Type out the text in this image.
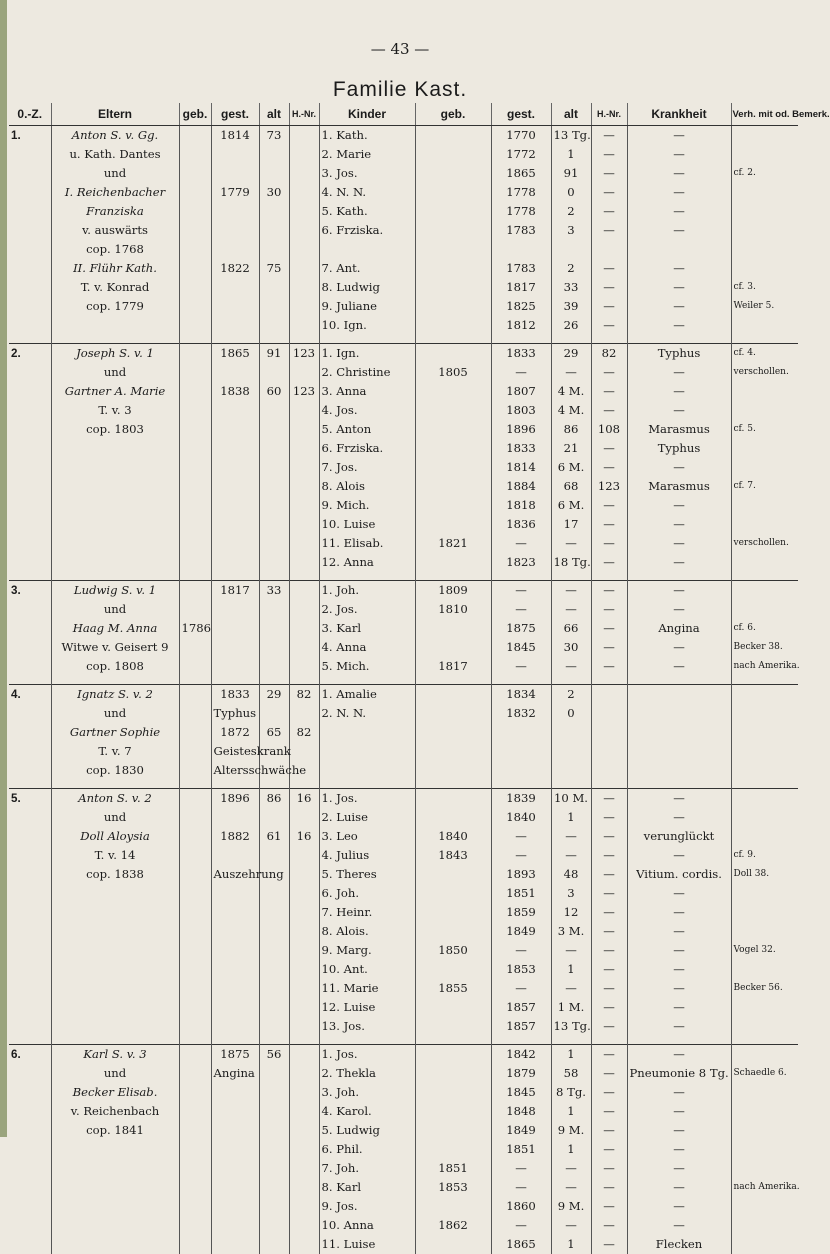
— 43 —
Familie Kast.
0.-Z.	Eltern	geb.	gest.	alt	H.-Nr.	Kinder	geb.	gest.	alt	H.-Nr.	Krankheit	Verh. mit od. Bemerk.
1.	Anton S. v. Gg.		1814	73		1. Kath.		1770	13 Tg.	—	—	
	u. Kath. Dantes					2. Marie		1772	1	—	—	
	und					3. Jos.		1865	91	—	—	cf. 2.
	I. Reichenbacher		1779	30		4. N. N.		1778	0	—	—	
	Franziska					5. Kath.		1778	2	—	—	
	v. auswärts					6. Frziska.		1783	3	—	—	
	cop. 1768											
	II. Flühr Kath.		1822	75		7. Ant.		1783	2	—	—	
	T. v. Konrad					8. Ludwig		1817	33	—	—	cf. 3.
	cop. 1779					9. Juliane		1825	39	—	—	Weiler 5.
						10. Ign.		1812	26	—	—	

2.	Joseph S. v. 1		1865	91	123	1. Ign.		1833	29	82	Typhus	cf. 4.
	und					2. Christine	1805	—	—	—	—	verschollen.
	Gartner A. Marie		1838	60	123	3. Anna		1807	4 M.	—	—	
	T. v. 3					4. Jos.		1803	4 M.	—	—	
	cop. 1803					5. Anton		1896	86	108	Marasmus	cf. 5.
						6. Frziska.		1833	21	—	Typhus	
						7. Jos.		1814	6 M.	—	—	
						8. Alois		1884	68	123	Marasmus	cf. 7.
						9. Mich.		1818	6 M.	—	—	
						10. Luise		1836	17	—	—	
						11. Elisab.	1821	—	—	—	—	verschollen.
						12. Anna		1823	18 Tg.	—	—	

3.	Ludwig S. v. 1		1817	33		1. Joh.	1809	—	—	—	—	
	und					2. Jos.	1810	—	—	—	—	
	Haag M. Anna	1786				3. Karl		1875	66	—	Angina	cf. 6.
	Witwe v. Geisert 9					4. Anna		1845	30	—	—	Becker 38.
	cop. 1808					5. Mich.	1817	—	—	—	—	nach Amerika.

4.	Ignatz S. v. 2		1833	29	82	1. Amalie		1834	2			
	und		Typhus			2. N. N.		1832	0			
	Gartner Sophie		1872	65	82							
	T. v. 7		Geisteskrank									
	cop. 1830		Altersschwäche									

5.	Anton S. v. 2		1896	86	16	1. Jos.		1839	10 M.	—	—	
	und					2. Luise		1840	1	—	—	
	Doll Aloysia		1882	61	16	3. Leo	1840	—	—	—	verunglückt	
	T. v. 14					4. Julius	1843	—	—	—	—	cf. 9.
	cop. 1838		Auszehrung			5. Theres		1893	48	—	Vitium. cordis.	Doll 38.
						6. Joh.		1851	3	—	—	
						7. Heinr.		1859	12	—	—	
						8. Alois.		1849	3 M.	—	—	
						9. Marg.	1850	—	—	—	—	Vogel 32.
						10. Ant.		1853	1	—	—	
						11. Marie	1855	—	—	—	—	Becker 56.
						12. Luise		1857	1 M.	—	—	
						13. Jos.		1857	13 Tg.	—	—	

6.	Karl S. v. 3		1875	56		1. Jos.		1842	1	—	—	
	und		Angina			2. Thekla		1879	58	—	Pneumonie 8 Tg.	Schaedle 6.
	Becker Elisab.					3. Joh.		1845	8 Tg.	—	—	
	v. Reichenbach					4. Karol.		1848	1	—	—	
	cop. 1841					5. Ludwig		1849	9 M.	—	—	
						6. Phil.		1851	1	—	—	
						7. Joh.	1851	—	—	—	—	
						8. Karl	1853	—	—	—	—	nach Amerika.
						9. Jos.		1860	9 M.	—	—	
						10. Anna	1862	—	—	—	—	
						11. Luise		1865	1	—	Flecken	
